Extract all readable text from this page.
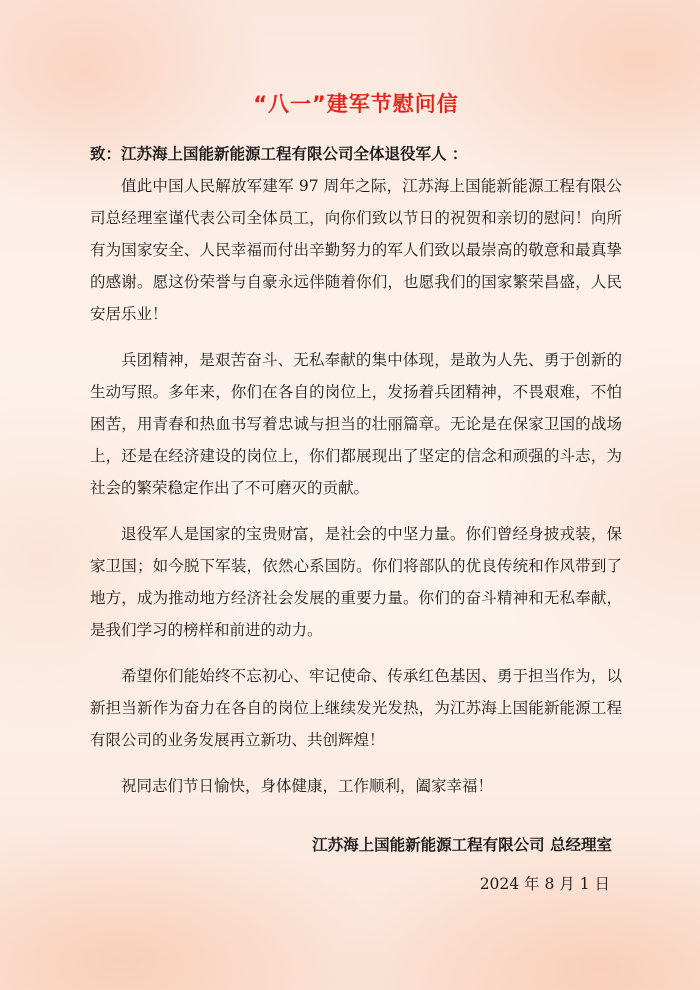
“八一”建军节慰问信

致：江苏海上国能新能源工程有限公司全体退役军人 ：

值此中国人民解放军建军 97 周年之际，江苏海上国能新能源工程有限公司总经理室谨代表公司全体员工，向你们致以节日的祝贺和亲切的慰问！向所有为国家安全、人民幸福而付出辛勤努力的军人们致以最崇高的敬意和最真挚的感谢。愿这份荣誉与自豪永远伴随着你们，也愿我们的国家繁荣昌盛，人民安居乐业！

兵团精神，是艰苦奋斗、无私奉献的集中体现，是敢为人先、勇于创新的生动写照。多年来，你们在各自的岗位上，发扬着兵团精神，不畏艰难，不怕困苦，用青春和热血书写着忠诚与担当的壮丽篇章。无论是在保家卫国的战场上，还是在经济建设的岗位上，你们都展现出了坚定的信念和顽强的斗志，为社会的繁荣稳定作出了不可磨灭的贡献。

退役军人是国家的宝贵财富，是社会的中坚力量。你们曾经身披戎装，保家卫国；如今脱下军装，依然心系国防。你们将部队的优良传统和作风带到了地方，成为推动地方经济社会发展的重要力量。你们的奋斗精神和无私奉献，是我们学习的榜样和前进的动力。

希望你们能始终不忘初心、牢记使命、传承红色基因、勇于担当作为，以新担当新作为奋力在各自的岗位上继续发光发热，为江苏海上国能新能源工程有限公司的业务发展再立新功、共创辉煌！

祝同志们节日愉快，身体健康，工作顺利，阖家幸福！

江苏海上国能新能源工程有限公司 总经理室

2024 年 8 月 1 日
